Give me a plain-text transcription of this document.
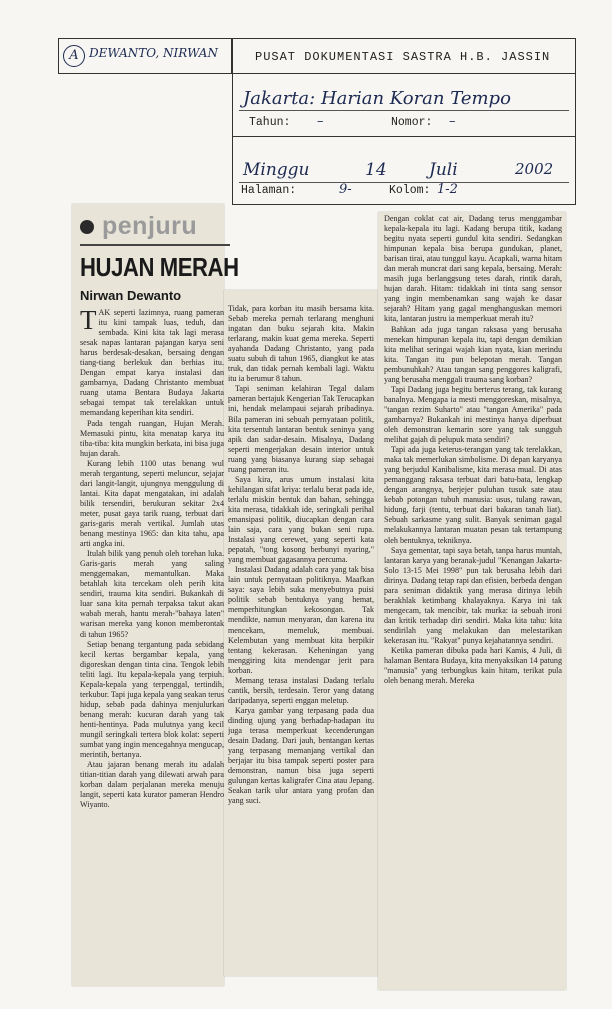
A DEWANTO, NIRWAN	PUSAT DOKUMENTASI SASTRA H.B. JASSIN
Jakarta: Harian Koran Tempo
Tahun: –	Nomor: –
Minggu	14 Juli	2002
Halaman:	9-	Kolom: 1-2
penjuru
HUJAN MERAH
Nirwan Dewanto

TAK seperti lazimnya, ruang pameran itu kini tampak luas, teduh, dan sembada. Kini kita tak lagi merasa sesak napas lantaran pajangan karya seni harus berdesak-desakan, bersaing dengan tiang-tiang berlekuk dan berhias itu. Dengan empat karya instalasi dan gambarnya, Dadang Christanto membuat ruang utama Bentara Budaya Jakarta sebagai tempat tak terelakkan untuk memandang keperihan kita sendiri.

Pada tengah ruangan, Hujan Merah. Memasuki pintu, kita menatap karya itu tiba-tiba: kita mungkin berkata, ini bisa juga hujan darah.

Kurang lebih 1100 utas benang wul merah tergantung, seperti meluncur, sejajar dari langit-langit, ujungnya menggulung di lantai. Kita dapat mengatakan, ini adalah bilik tersendiri, berukuran sekitar 2x4 meter, pusat gaya tarik ruang, terbuat dari garis-garis merah vertikal. Jumlah utas benang mestinya 1965: dan kita tahu, apa arti angka ini.

Itulah bilik yang penuh oleh torehan luka. Garis-garis merah yang saling menggemakan, memantulkan. Maka betahlah kita tercekam oleh perih kita sendiri, trauma kita sendiri. Bukankah di luar sana kita pernah terpaksa takut akan wabah merah, hantu merah-"bahaya laten" warisan mereka yang konon memberontak di tahun 1965?

Setiap benang tergantung pada sebidang kecil kertas bergambar kepala, yang digoreskan dengan tinta cina. Tengok lebih teliti lagi. Itu kepala-kepala yang terpiuh. Kepala-kepala yang terpenggal, tertindih, terkubur. Tapi juga kepala yang seakan terus hidup, sebab pada dahinya menjulurkan benang merah: kucuran darah yang tak henti-hentinya. Pada mulutnya yang kecil mungil seringkali tertera blok kolat: seperti sumbat yang ingin mencegahnya mengucap, merintih, bertanya.

Atau jajaran benang merah itu adalah titian-titian darah yang dilewati arwah para korban dalam perjalanan mereka menuju langit, seperti kata kurator pameran Hendro Wiyanto.

Tidak, para korban itu masih bersama kita. Sebab mereka pernah terlarang menghuni ingatan dan buku sejarah kita. Makin terlarang, makin kuat gema mereka. Seperti ayahanda Dadang Christanto, yang pada suatu subuh di tahun 1965, diangkut ke atas truk, dan tidak pernah kembali lagi. Waktu itu ia berumur 8 tahun.

Tapi seniman kelahiran Tegal dalam pameran bertajuk Kengerian Tak Terucapkan ini, hendak melampaui sejarah pribadinya. Bila pameran ini sebuah pernyataan politik, kita tersentuh lantaran bentuk seninya yang apik dan sadar-desain. Misalnya, Dadang seperti mengerjakan desain interior untuk ruang yang biasanya kurang siap sebagai ruang pameran itu.

Saya kira, arus umum instalasi kita kehilangan sifat kriya: terlalu berat pada ide, terlalu miskin bentuk dan bahan, sehingga kita merasa, tidakkah ide, seringkali perihal emansipasi politik, diucapkan dengan cara lain saja, cara yang bukan seni rupa. Instalasi yang cerewet, yang seperti kata pepatah, "tong kosong berbunyi nyaring," yang membuat gagasannya percuma.

Instalasi Dadang adalah cara yang tak bisa lain untuk pernyataan politiknya. Maafkan saya: saya lebih suka menyebutnya puisi politik sebab bentuknya yang hemat, memperhitungkan kekosongan. Tak mendikte, namun menyaran, dan karena itu mencekam, memeluk, membuai. Kelembutan yang membuat kita berpikir tentang kekerasan. Keheningan yang menggiring kita mendengar jerit para korban.

Memang terasa instalasi Dadang terlalu cantik, bersih, terdesain. Teror yang datang daripadanya, seperti enggan meletup.

Karya gambar yang terpasang pada dua dinding ujung yang berhadap-hadapan itu juga terasa memperkuat kecenderungan desain Dadang. Dari jauh, bentangan kertas yang terpasang memanjang vertikal dan berjajar itu bisa tampak seperti poster para demonstran, namun bisa juga seperti gulungan kertas kaligrafer Cina atau Jepang. Seakan tarik ulur antara yang profan dan yang suci.

Dengan coklat cat air, Dadang terus menggambar kepala-kepala itu lagi. Kadang berupa titik, kadang begitu nyata seperti gundul kita sendiri. Sedangkan himpunan kepala bisa berupa gundukan, planet, barisan tirai, atau tunggul kayu. Acapkali, warna hitam dan merah muncrat dari sang kepala, bersaing. Merah: masih juga berlanggsung tetes darah, rintik darah, hujan darah. Hitam: tidakkah ini tinta sang sensor yang ingin membenamkan sang wajah ke dasar sejarah? Hitam yang gagal menghanguskan memori kita, lantaran justru ia memperkuat merah itu?

Bahkan ada juga tangan raksasa yang berusaha menekan himpunan kepala itu, tapi dengan demikian kita melihat seringai wajah kian nyata, kian merindu kita. Tangan itu pun belepotan merah. Tangan pembunuhkah? Atau tangan sang penggores kaligrafi, yang berusaha menggali trauma sang korban?

Tapi Dadang juga begitu berterus terang, tak kurang banalnya. Mengapa ia mesti menggoreskan, misalnya, "tangan rezim Suharto" atau "tangan Amerika" pada gambarnya? Bukankah ini mestinya hanya diperbuat oleh demonstran kemarin sore yang tak sungguh melihat gajah di pelupuk mata sendiri?

Tapi ada juga keterus-terangan yang tak terelakkan, maka tak memerlukan simbolisme. Di depan karyanya yang berjudul Kanibalisme, kita merasa mual. Di atas pemanggang raksasa terbuat dari batu-bata, lengkap dengan arangnya, berjejer puluhan tusuk sate atau kebab potongan tubuh manusia: usus, tulang rawan, hidung, farji (tentu, terbuat dari bakaran tanah liat). Sebuah sarkasme yang sulit. Banyak seniman gagal melakukannya lantaran muatan pesan tak tertampung oleh bentuknya, tekniknya.

Saya gementar, tapi saya betah, tanpa harus muntah, lantaran karya yang beranak-judul "Kenangan Jakarta-Solo 13-15 Mei 1998" pun tak berusaha lebih dari dirinya. Dadang tetap rapi dan efisien, berbeda dengan para seniman didaktik yang merasa dirinya lebih berakhlak ketimbang khalayaknya. Karya ini tak mengecam, tak mencibir, tak murka: ia sebuah ironi dan kritik terhadap diri sendiri. Maka kita tahu: kita sendirilah yang melakukan dan melestarikan kekerasan itu. "Rakyat" punya kejahatannya sendiri.

Ketika pameran dibuka pada hari Kamis, 4 Juli, di halaman Bentara Budaya, kita menyaksikan 14 patung "manusia" yang terbungkus kain hitam, terikat pula oleh benang merah. Mereka
